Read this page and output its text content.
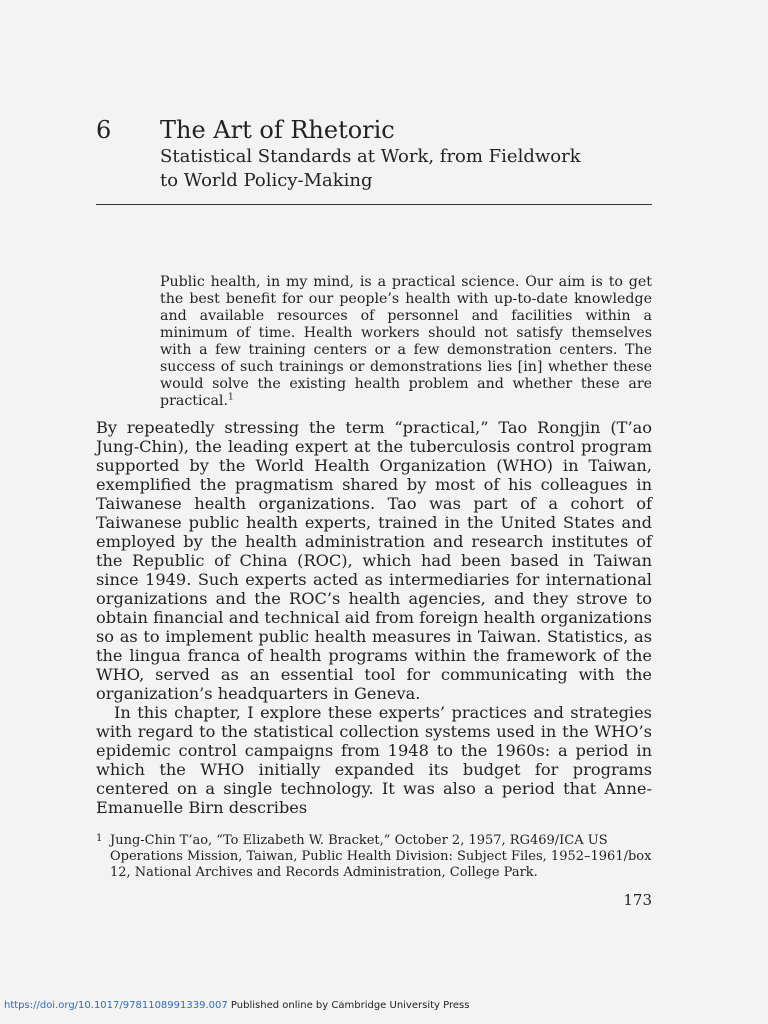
6 The Art of Rhetoric
Statistical Standards at Work, from Fieldwork
to World Policy-Making
Public health, in my mind, is a practical science. Our aim is to get the best benefit for our people’s health with up-to-date knowledge and available resources of personnel and facilities within a minimum of time. Health workers should not satisfy themselves with a few training centers or a few demonstration centers. The success of such trainings or demonstrations lies [in] whether these would solve the existing health problem and whether these are practical.$^1$

By repeatedly stressing the term “practical,” Tao Rongjin (T’ao Jung-Chin), the leading expert at the tuberculosis control program supported by the World Health Organization (WHO) in Taiwan, exemplified the pragmatism shared by most of his colleagues in Taiwanese health organizations. Tao was part of a cohort of Taiwanese public health experts, trained in the United States and employed by the health administration and research institutes of the Republic of China (ROC), which had been based in Taiwan since 1949. Such experts acted as intermediaries for international organizations and the ROC’s health agencies, and they strove to obtain financial and technical aid from foreign health organizations so as to implement public health measures in Taiwan. Statistics, as the lingua franca of health programs within the framework of the WHO, served as an essential tool for communicating with the organization’s headquarters in Geneva.

In this chapter, I explore these experts’ practices and strategies with regard to the statistical collection systems used in the WHO’s epidemic control campaigns from 1948 to the 1960s: a period in which the WHO initially expanded its budget for programs centered on a single technology. It was also a period that Anne-Emanuelle Birn describes

1 Jung-Chin T’ao, “To Elizabeth W. Bracket,” October 2, 1957, RG469/ICA US Operations Mission, Taiwan, Public Health Division: Subject Files, 1952–1961/box 12, National Archives and Records Administration, College Park.
173
https://doi.org/10.1017/9781108991339.007 Published online by Cambridge University Press
